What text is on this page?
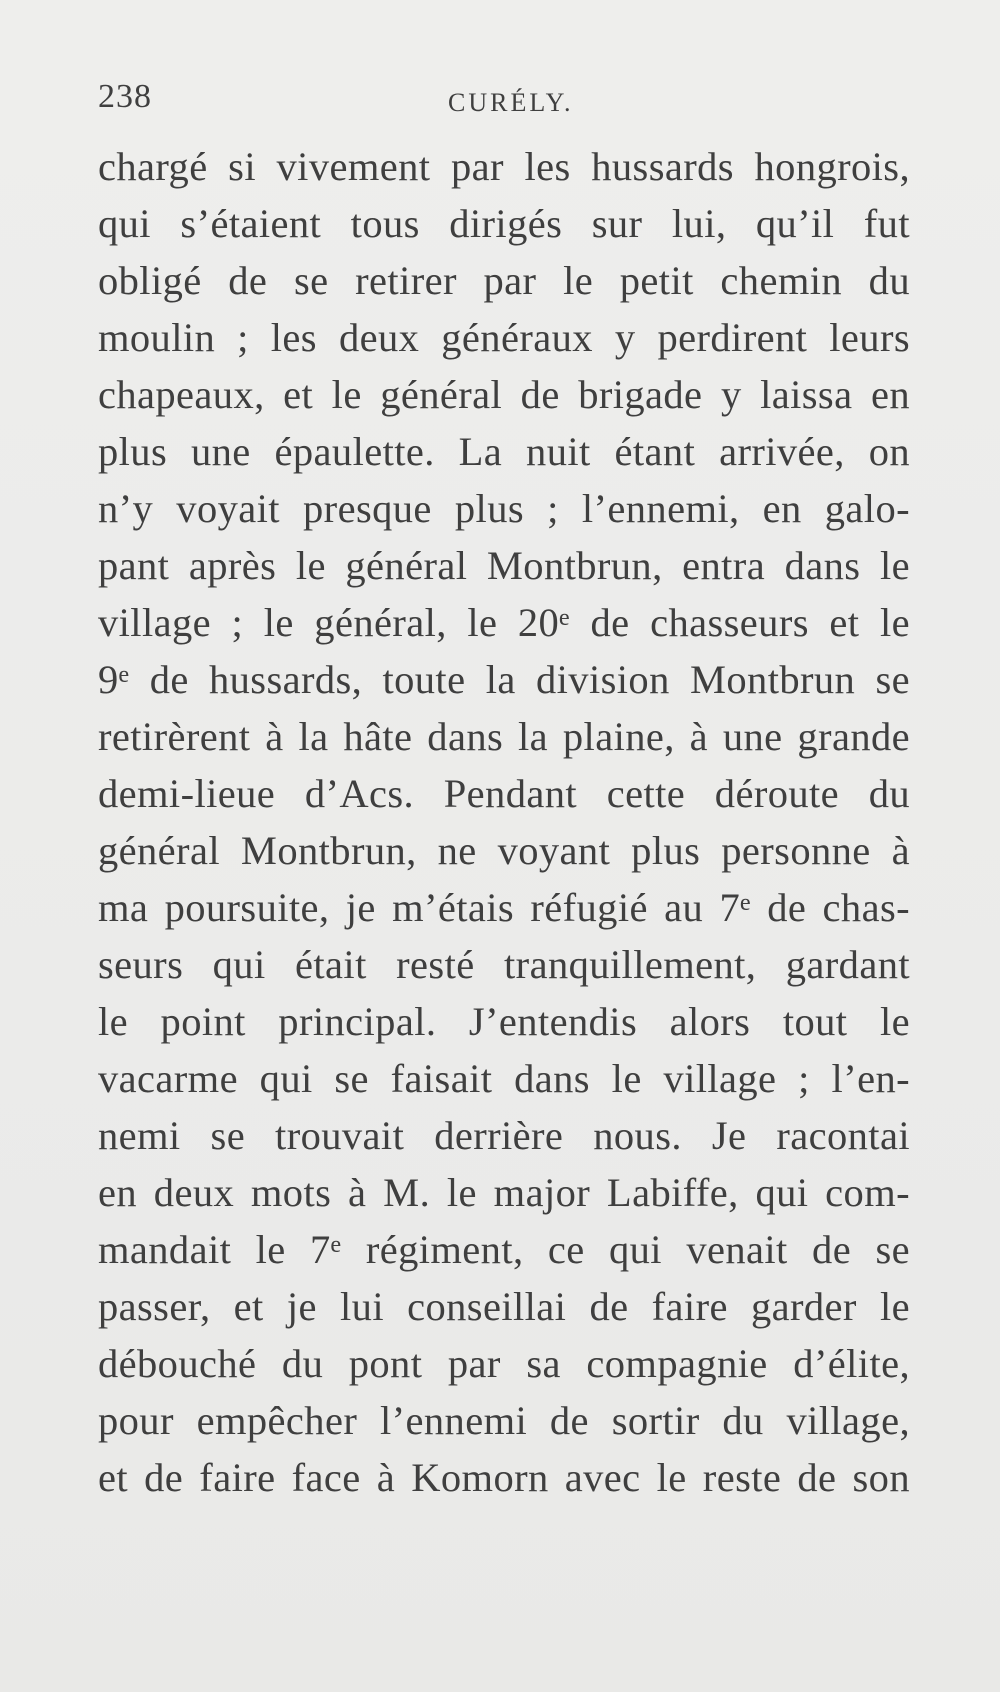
238	CURÉLY.
chargé si vivement par les hussards hongrois,
qui s’étaient tous dirigés sur lui, qu’il fut
obligé de se retirer par le petit chemin du
moulin ; les deux généraux y perdirent leurs
chapeaux, et le général de brigade y laissa en
plus une épaulette. La nuit étant arrivée, on
n’y voyait presque plus ; l’ennemi, en galo-
pant après le général Montbrun, entra dans le
village ; le général, le 20ᵉ de chasseurs et le
9ᵉ de hussards, toute la division Montbrun se
retirèrent à la hâte dans la plaine, à une grande
demi-lieue d’Acs. Pendant cette déroute du
général Montbrun, ne voyant plus personne à
ma poursuite, je m’étais réfugié au 7ᵉ de chas-
seurs qui était resté tranquillement, gardant
le point principal. J’entendis alors tout le
vacarme qui se faisait dans le village ; l’en-
nemi se trouvait derrière nous. Je racontai
en deux mots à M. le major Labiffe, qui com-
mandait le 7ᵉ régiment, ce qui venait de se
passer, et je lui conseillai de faire garder le
débouché du pont par sa compagnie d’élite,
pour empêcher l’ennemi de sortir du village,
et de faire face à Komorn avec le reste de son
